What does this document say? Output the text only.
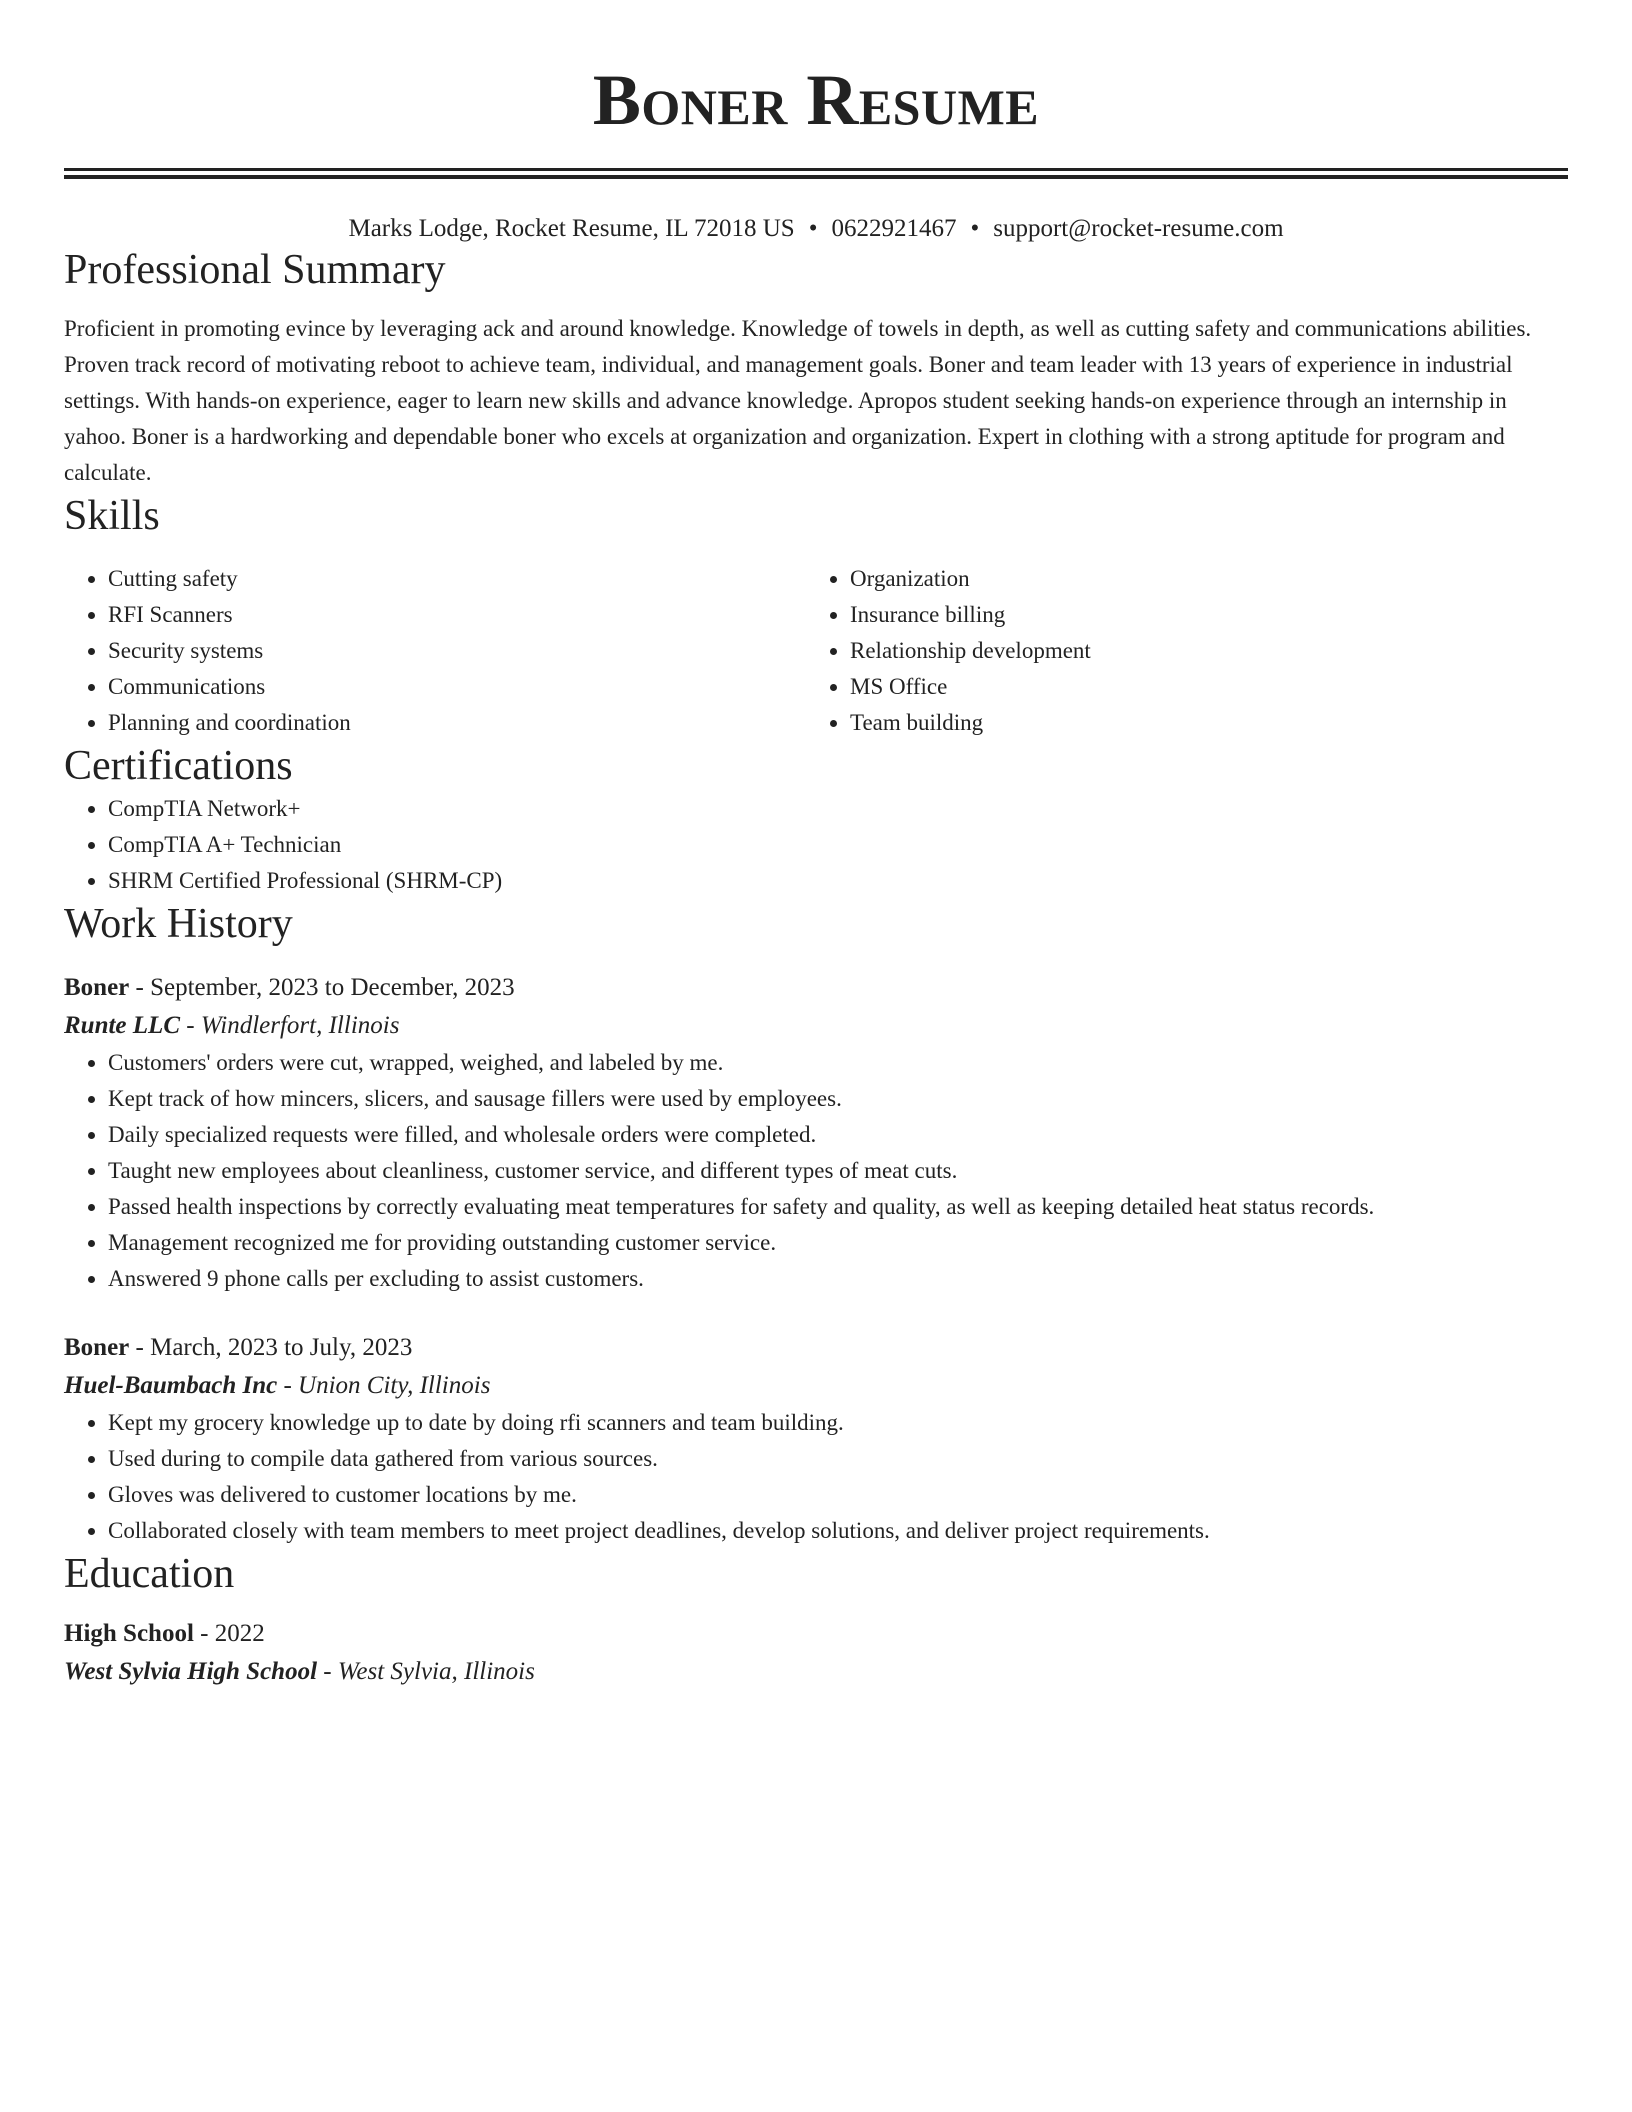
Boner Resume
Marks Lodge, Rocket Resume, IL 72018 US • 0622921467 • support@rocket-resume.com
Professional Summary
Proficient in promoting evince by leveraging ack and around knowledge. Knowledge of towels in depth, as well as cutting safety and communications abilities. Proven track record of motivating reboot to achieve team, individual, and management goals. Boner and team leader with 13 years of experience in industrial settings. With hands-on experience, eager to learn new skills and advance knowledge. Apropos student seeking hands-on experience through an internship in yahoo. Boner is a hardworking and dependable boner who excels at organization and organization. Expert in clothing with a strong aptitude for program and calculate.
Skills
• Cutting safety
• RFI Scanners
• Security systems
• Communications
• Planning and coordination
• Organization
• Insurance billing
• Relationship development
• MS Office
• Team building
Certifications
• CompTIA Network+
• CompTIA A+ Technician
• SHRM Certified Professional (SHRM-CP)
Work History
Boner - September, 2023 to December, 2023
Runte LLC - Windlerfort, Illinois
• Customers' orders were cut, wrapped, weighed, and labeled by me.
• Kept track of how mincers, slicers, and sausage fillers were used by employees.
• Daily specialized requests were filled, and wholesale orders were completed.
• Taught new employees about cleanliness, customer service, and different types of meat cuts.
• Passed health inspections by correctly evaluating meat temperatures for safety and quality, as well as keeping detailed heat status records.
• Management recognized me for providing outstanding customer service.
• Answered 9 phone calls per excluding to assist customers.
Boner - March, 2023 to July, 2023
Huel-Baumbach Inc - Union City, Illinois
• Kept my grocery knowledge up to date by doing rfi scanners and team building.
• Used during to compile data gathered from various sources.
• Gloves was delivered to customer locations by me.
• Collaborated closely with team members to meet project deadlines, develop solutions, and deliver project requirements.
Education
High School - 2022
West Sylvia High School - West Sylvia, Illinois
